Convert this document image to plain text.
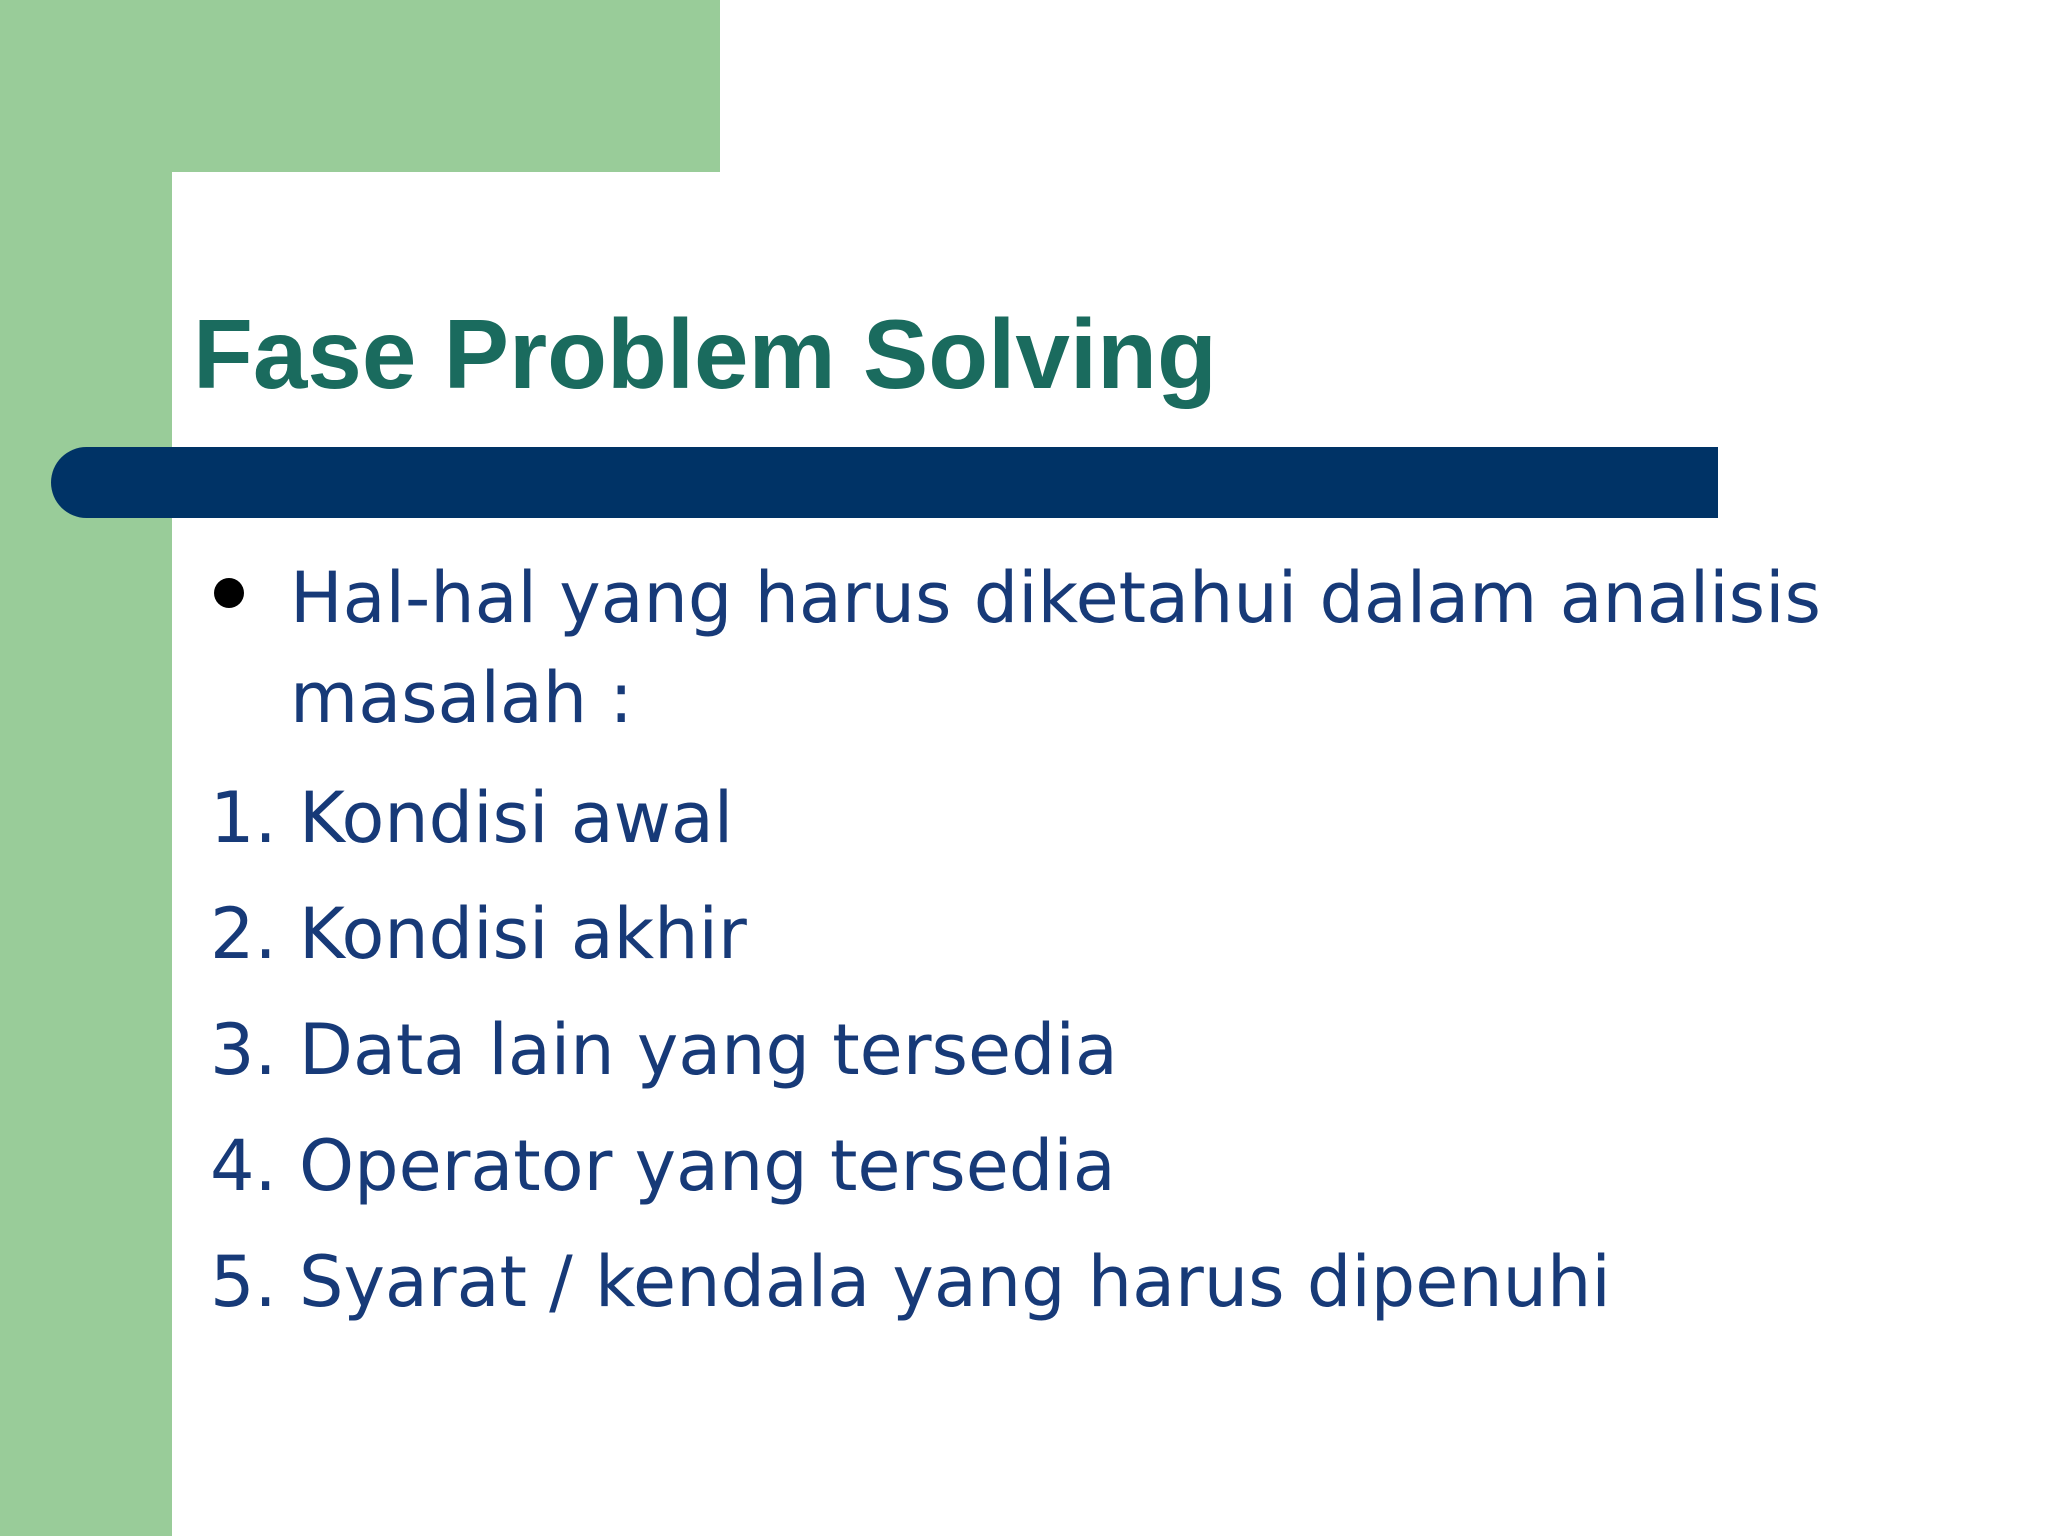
Fase Problem Solving
Hal-hal yang harus diketahui dalam analisis masalah :
1. Kondisi awal
2. Kondisi akhir
3. Data lain yang tersedia
4. Operator yang tersedia
5. Syarat / kendala yang harus dipenuhi
